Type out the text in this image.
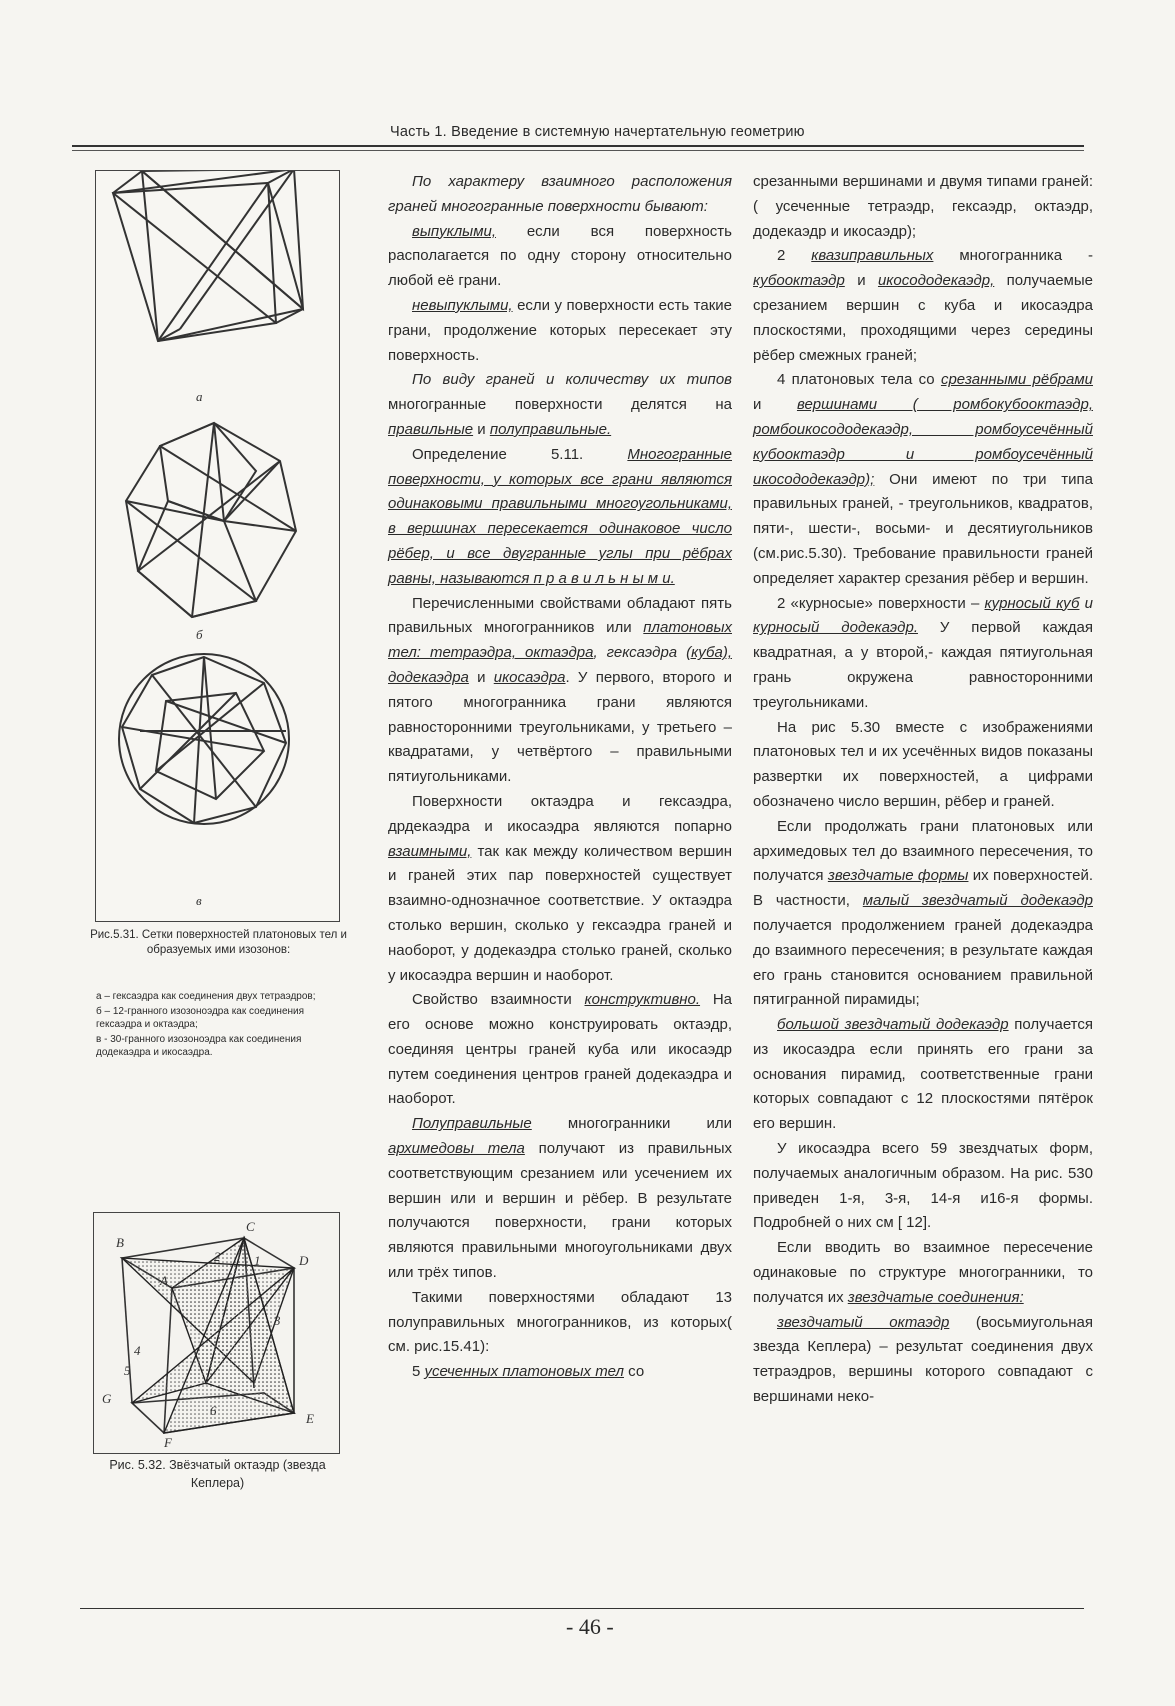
Часть 1. Введение в системную начертательную геометрию
а
б
в
Рис.5.31. Сетки поверхностей платоновых тел и образуемых ими изозонов:
а – гексаэдра как соединения двух тетраэдров;
б – 12-гранного изозоноэдра как соединения гексаэдра и октаэдра;
в - 30-гранного изозоноэдра как соединения додекаэдра и икосаэдра.
B
C
D
A
2	1
3
4
5
6
G
F
E
Рис. 5.32. Звёзчатый октаэдр (звезда Кеплера)

По характеру взаимного расположения граней многогранные поверхности бывают:

выпуклыми, если вся поверхность располагается по одну сторону относительно любой её грани.

невыпуклыми, если у поверхности есть такие грани, продолжение которых пересекает эту поверхность.

По виду граней и количеству их типов многогранные поверхности делятся на правильные и полуправильные.

Определение 5.11. Многогранные поверхности, у которых все грани являются одинаковыми правильными многоугольниками, в вершинах пересекается одинаковое число рёбер, и все двугранные углы при рёбрах равны, называются п р а в и л ь н ы м и.

Перечисленными свойствами обладают пять правильных многогранников или платоновых тел: тетраэдра, октаэдра, гексаэдра (куба), додекаэдра и икосаэдра. У первого, второго и пятого многогранника грани являются равносторонними треугольниками, у третьего – квадратами, у четвёртого – правильными пятиугольниками.

Поверхности октаэдра и гексаэдра, дрдекаэдра и икосаэдра являются попарно взаимными, так как между количеством вершин и граней этих пар поверхностей существует взаимно-однозначное соответствие. У октаэдра столько вершин, сколько у гексаэдра граней и наоборот, у додекаэдра столько граней, сколько у икосаэдра вершин и наоборот.

Свойство взаимности конструктивно. На его основе можно конструировать октаэдр, соединяя центры граней куба или икосаэдр путем соединения центров граней додекаэдра и наоборот.

Полуправильные многогранники или архимедовы тела получают из правильных соответствующим срезанием или усечением их вершин или и вершин и рёбер. В результате получаются поверхности, грани которых являются правильными многоугольниками двух или трёх типов.

Такими поверхностями обладают 13 полуправильных многогранников, из которых( см. рис.15.41):

5 усеченных платоновых тел со

срезанными вершинами и двумя типами граней:( усеченные тетраэдр, гексаэдр, октаэдр, додекаэдр и икосаэдр);

2 квазиправильных многогранника - кубооктаэдр и икосододекаэдр, получаемые срезанием вершин с куба и икосаэдра плоскостями, проходящими через середины рёбер смежных граней;

4 платоновых тела со срезанными рёбрами и вершинами ( ромбокубооктаэдр, ромбоикосододекаэдр, ромбоусечённый кубооктаэдр и ромбоусечённый икосододекаэдр); Они имеют по три типа правильных граней, - треугольников, квадратов, пяти-, шести-, восьми- и десятиугольников (см.рис.5.30). Требование правильности граней определяет характер срезания рёбер и вершин.

2 «курносые» поверхности – курносый куб и курносый додекаэдр. У первой каждая квадратная, а у второй,- каждая пятиугольная грань окружена равносторонними треугольниками.

На рис 5.30 вместе с изображениями платоновых тел и их усечённых видов показаны развертки их поверхностей, а цифрами обозначено число вершин, рёбер и граней.

Если продолжать грани платоновых или архимедовых тел до взаимного пересечения, то получатся звездчатые формы их поверхностей. В частности, малый звездчатый додекаэдр получается продолжением граней додекаэдра до взаимного пересечения; в результате каждая его грань становится основанием правильной пятигранной пирамиды;

большой звездчатый додекаэдр получается из икосаэдра если принять его грани за основания пирамид, соответственные грани которых совпадают с 12 плоскостями пятёрок его вершин.

У икосаэдра всего 59 звездчатых форм, получаемых аналогичным образом. На рис. 530 приведен 1-я, 3-я, 14-я и16-я формы. Подробней о них см [ 12].

Если вводить во взаимное пересечение одинаковые по структуре многогранники, то получатся их звездчатые соединения:

звездчатый октаэдр (восьмиугольная звезда Кеплера) – результат соединения двух тетраэдров, вершины которого совпадают с вершинами неко-

- 46 -
